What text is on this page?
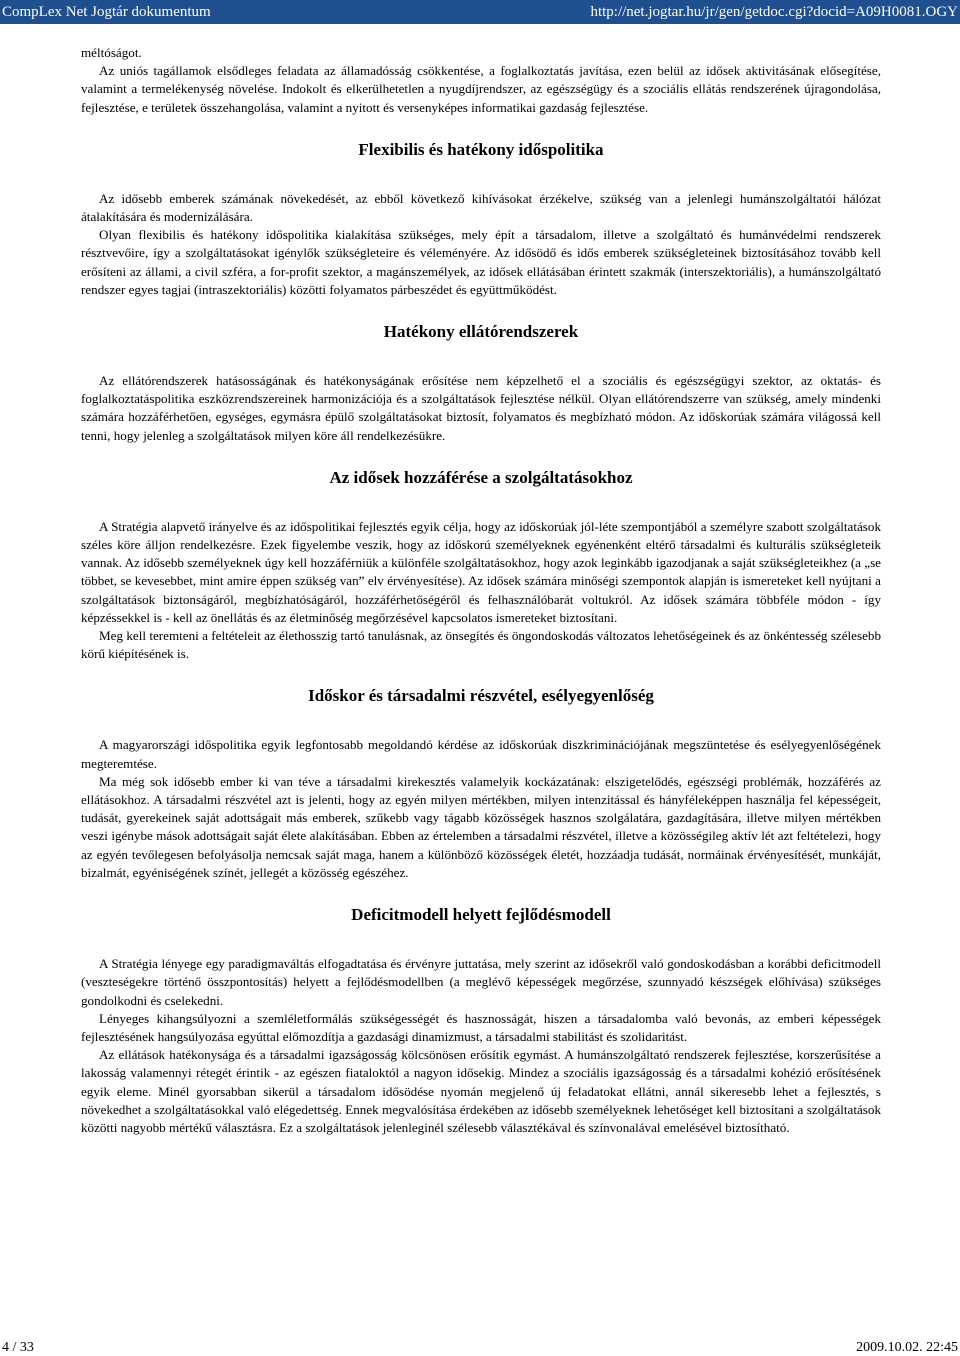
CompLex Net Jogtár dokumentum	http://net.jogtar.hu/jr/gen/getdoc.cgi?docid=A09H0081.OGY

méltóságot.

Az uniós tagállamok elsődleges feladata az államadósság csökkentése, a foglalkoztatás javítása, ezen belül az idősek aktivitásának elősegítése, valamint a termelékenység növelése. Indokolt és elkerülhetetlen a nyugdíjrendszer, az egészségügy és a szociális ellátás rendszerének újragondolása, fejlesztése, e területek összehangolása, valamint a nyitott és versenyképes informatikai gazdaság fejlesztése.

Flexibilis és hatékony időspolitika

Az idősebb emberek számának növekedését, az ebből következő kihívásokat érzékelve, szükség van a jelenlegi humánszolgáltatói hálózat átalakítására és modernizálására.

Olyan flexibilis és hatékony időspolitika kialakítása szükséges, mely épít a társadalom, illetve a szolgáltató és humánvédelmi rendszerek résztvevőire, így a szolgáltatásokat igénylők szükségleteire és véleményére. Az idősödő és idős emberek szükségleteinek biztosításához tovább kell erősíteni az állami, a civil szféra, a for-profit szektor, a magánszemélyek, az idősek ellátásában érintett szakmák (interszektoriális), a humánszolgáltató rendszer egyes tagjai (intraszektoriális) közötti folyamatos párbeszédet és együttműködést.

Hatékony ellátórendszerek

Az ellátórendszerek hatásosságának és hatékonyságának erősítése nem képzelhető el a szociális és egészségügyi szektor, az oktatás- és foglalkoztatáspolitika eszközrendszereinek harmonizációja és a szolgáltatások fejlesztése nélkül. Olyan ellátórendszerre van szükség, amely mindenki számára hozzáférhetően, egységes, egymásra épülő szolgáltatásokat biztosít, folyamatos és megbízható módon. Az időskorúak számára világossá kell tenni, hogy jelenleg a szolgáltatások milyen köre áll rendelkezésükre.

Az idősek hozzáférése a szolgáltatásokhoz

A Stratégia alapvető irányelve és az időspolitikai fejlesztés egyik célja, hogy az időskorúak jól-léte szempontjából a személyre szabott szolgáltatások széles köre álljon rendelkezésre. Ezek figyelembe veszik, hogy az időskorú személyeknek egyénenként eltérő társadalmi és kulturális szükségleteik vannak. Az idősebb személyeknek úgy kell hozzáférniük a különféle szolgáltatásokhoz, hogy azok leginkább igazodjanak a saját szükségleteikhez (a „se többet, se kevesebbet, mint amire éppen szükség van” elv érvényesítése). Az idősek számára minőségi szempontok alapján is ismereteket kell nyújtani a szolgáltatások biztonságáról, megbízhatóságáról, hozzáférhetőségéről és felhasználóbarát voltukról. Az idősek számára többféle módon - így képzéssekkel is - kell az önellátás és az életminőség megőrzésével kapcsolatos ismereteket biztosítani.

Meg kell teremteni a feltételeit az élethosszig tartó tanulásnak, az önsegítés és öngondoskodás változatos lehetőségeinek és az önkéntesség szélesebb körű kiépítésének is.

Időskor és társadalmi részvétel, esélyegyenlőség

A magyarországi időspolitika egyik legfontosabb megoldandó kérdése az időskorúak diszkriminációjának megszüntetése és esélyegyenlőségének megteremtése.

Ma még sok idősebb ember ki van téve a társadalmi kirekesztés valamelyik kockázatának: elszigetelődés, egészségi problémák, hozzáférés az ellátásokhoz. A társadalmi részvétel azt is jelenti, hogy az egyén milyen mértékben, milyen intenzitással és hányféleképpen használja fel képességeit, tudását, gyerekeinek saját adottságait más emberek, szűkebb vagy tágabb közösségek hasznos szolgálatára, gazdagítására, illetve milyen mértékben veszi igénybe mások adottságait saját élete alakításában. Ebben az értelemben a társadalmi részvétel, illetve a közösségileg aktív lét azt feltételezi, hogy az egyén tevőlegesen befolyásolja nemcsak saját maga, hanem a különböző közösségek életét, hozzáadja tudását, normáinak érvényesítését, munkáját, bizalmát, egyéniségének színét, jellegét a közösség egészéhez.

Deficitmodell helyett fejlődésmodell

A Stratégia lényege egy paradigmaváltás elfogadtatása és érvényre juttatása, mely szerint az idősekről való gondoskodásban a korábbi deficitmodell (veszteségekre történő összpontosítás) helyett a fejlődésmodellben (a meglévő képességek megőrzése, szunnyadó készségek előhívása) szükséges gondolkodni és cselekedni.

Lényeges kihangsúlyozni a szemléletformálás szükségességét és hasznosságát, hiszen a társadalomba való bevonás, az emberi képességek fejlesztésének hangsúlyozása egyúttal előmozdítja a gazdasági dinamizmust, a társadalmi stabilitást és szolidaritást.

Az ellátások hatékonysága és a társadalmi igazságosság kölcsönösen erősítik egymást. A humánszolgáltató rendszerek fejlesztése, korszerűsítése a lakosság valamennyi rétegét érintik - az egészen fiataloktól a nagyon idősekig. Mindez a szociális igazságosság és a társadalmi kohézió erősítésének egyik eleme. Minél gyorsabban sikerül a társadalom idősödése nyomán megjelenő új feladatokat ellátni, annál sikeresebb lehet a fejlesztés, s növekedhet a szolgáltatásokkal való elégedettség. Ennek megvalósítása érdekében az idősebb személyeknek lehetőséget kell biztosítani a szolgáltatások közötti nagyobb mértékű választásra. Ez a szolgáltatások jelenleginél szélesebb választékával és színvonalával emelésével biztosítható.

4 / 33	2009.10.02. 22:45
